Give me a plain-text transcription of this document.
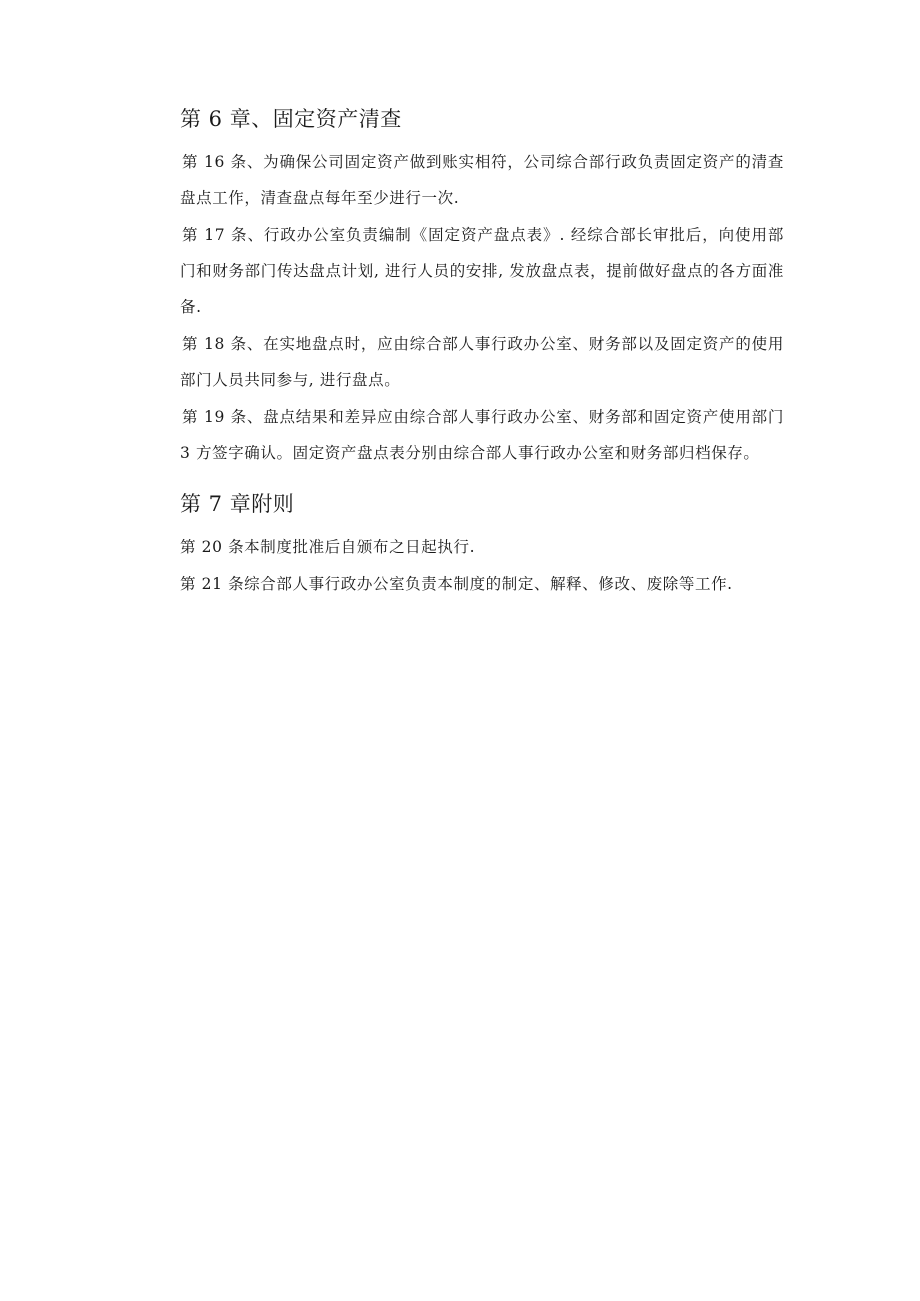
第 6 章、固定资产清查

第 16 条、为确保公司固定资产做到账实相符，公司综合部行政负责固定资产的清查盘点工作，清查盘点每年至少进行一次.

第 17 条、行政办公室负责编制《固定资产盘点表》. 经综合部长审批后，向使用部门和财务部门传达盘点计划, 进行人员的安排, 发放盘点表，提前做好盘点的各方面准备.

第 18 条、在实地盘点时，应由综合部人事行政办公室、财务部以及固定资产的使用部门人员共同参与, 进行盘点。

第 19 条、盘点结果和差异应由综合部人事行政办公室、财务部和固定资产使用部门 3 方签字确认。固定资产盘点表分别由综合部人事行政办公室和财务部归档保存。

第 7 章附则

第 20 条本制度批准后自颁布之日起执行.

第 21 条综合部人事行政办公室负责本制度的制定、解释、修改、废除等工作.
